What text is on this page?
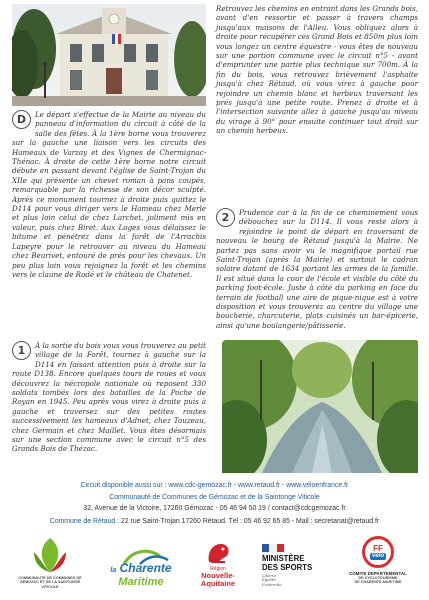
D	Le départ s'effectue de la Mairie au niveau du panneau d'information du circuit à côté de la salle des fêtes. À la 1ère borne vous trouverez sur la gauche une liaison vers les circuits des Hameaux de Varzay et des Vignes de Chermignac-Thénac. À droite de cette 1ère borne notre circuit débute en passant devant l'église de Saint-Trojan du XIIe qui présente un chevet roman à pans coupés, remarquable par la richesse de son décor sculpté. Après ce monument tournez à droite puis quittez le D114 pour vous diriger vers le Hameau chez Merle et plus loin celui de chez Larchet, joliment mis en valeur, puis chez Biret. Aux Loges vous délaissez le bitume et pénétrez dans la forêt de l'Arrachis Lapeyre pour le retrouver au niveau du Hameau chez Beurivet, entouré de prés pour les chevaux. Un peu plus loin vous rejoignez la forêt et les chemins vers le claune de Rodé et le château de Chatenet.
1	À la sortie du bois vous vous trouverez au petit village de la Forêt, tournez à gauche sur la D114 en faisant attention puis à droite sur la route D138. Encore quelques tours de roues et vous découvrez la nécropole nationale où reposent 330 soldats tombés lors des batailles de la Poche de Royan en 1945. Peu après vous virez à droite puis à gauche et traversez sur des petites routes successivement les hameaux d'Adnet, chez Touzeau, chez Germain et chez Maillet. Vous êtes désormais sur une section commune avec le circuit n°5 des Grands Bois de Thézac.
Retrouvez les chemins en entrant dans les Grands bois, avant d'en ressortir et passer à travers champs jusqu'aux maisons de l'Alleu. Vous obliquez alors à droite pour récupérer ces Grand Bois et 850m plus loin vous longez un centre équestre - vous êtes de nouveau sur une portion commune avec le circuit n°5 - avant d'emprunter une partie plus technique sur 700m. À la fin du bois, vous retrouvez brièvement l'asphalte jusqu'à chez Rétaud, où vous virez à gauche pour rejoindre un chemin blanc et herbeux traversant les prés jusqu'à une petite route. Prenez à droite et à l'intersection suivante allez à gauche jusqu'au niveau du virage à 90° pour ensuite continuer tout droit sur un chemin herbeux.
2	Prudence car à la fin de ce cheminement vous débouchez sur la D114. Il vous reste alors à rejoindre le point de départ en traversant de nouveau le bourg de Rétaud jusqu'à la Mairie. Ne partez pas sans avoir vu le magnifique portail rue Saint-Trojan (après la Mairie) et surtout le cadran solaire datant de 1634 portant les armes de la famille. Il est situé dans la cour de l'école et visible du côté du parking foot-école. Juste à côté du parking en face du terrain de football une aire de pique-nique est à votre disposition et vous trouverez au centre du village une boucherie, charcuterie, plats cuisinés un bar-épicerie, ainsi qu'une boulangerie/pâtisserie.
Circuit disponible aussi sur : www.cdc-gemozac.fr - www.retaud.fr - www.véloenfrance.fr
Communauté de Communes de Gémozac et de la Saintonge Viticole
32, Avenue de la Victoire, 17260 Gémozac - 05 46 94 50 19 / contact@cdcgemozac.fr
Commune de Rétaud : 22 rue Saint-Trojan 17260 Rétaud. Tél : 05 46 92 65 85 - Mail : secretariat@retaud.fr
COMMUNAUTÉ DE COMMUNES DE GÉMOZAC ET DE LA SAINTONGE VITICOLE
la Charente
Maritime
Région
Nouvelle-
Aquitaine
MINISTÈRE
DES SPORTS
Liberté
Égalité
Fraternité
FF
vélo
COMITE DEPARTEMENTAL
DE CYCLOTOURISME
DE CHARENTE-MARITIME
